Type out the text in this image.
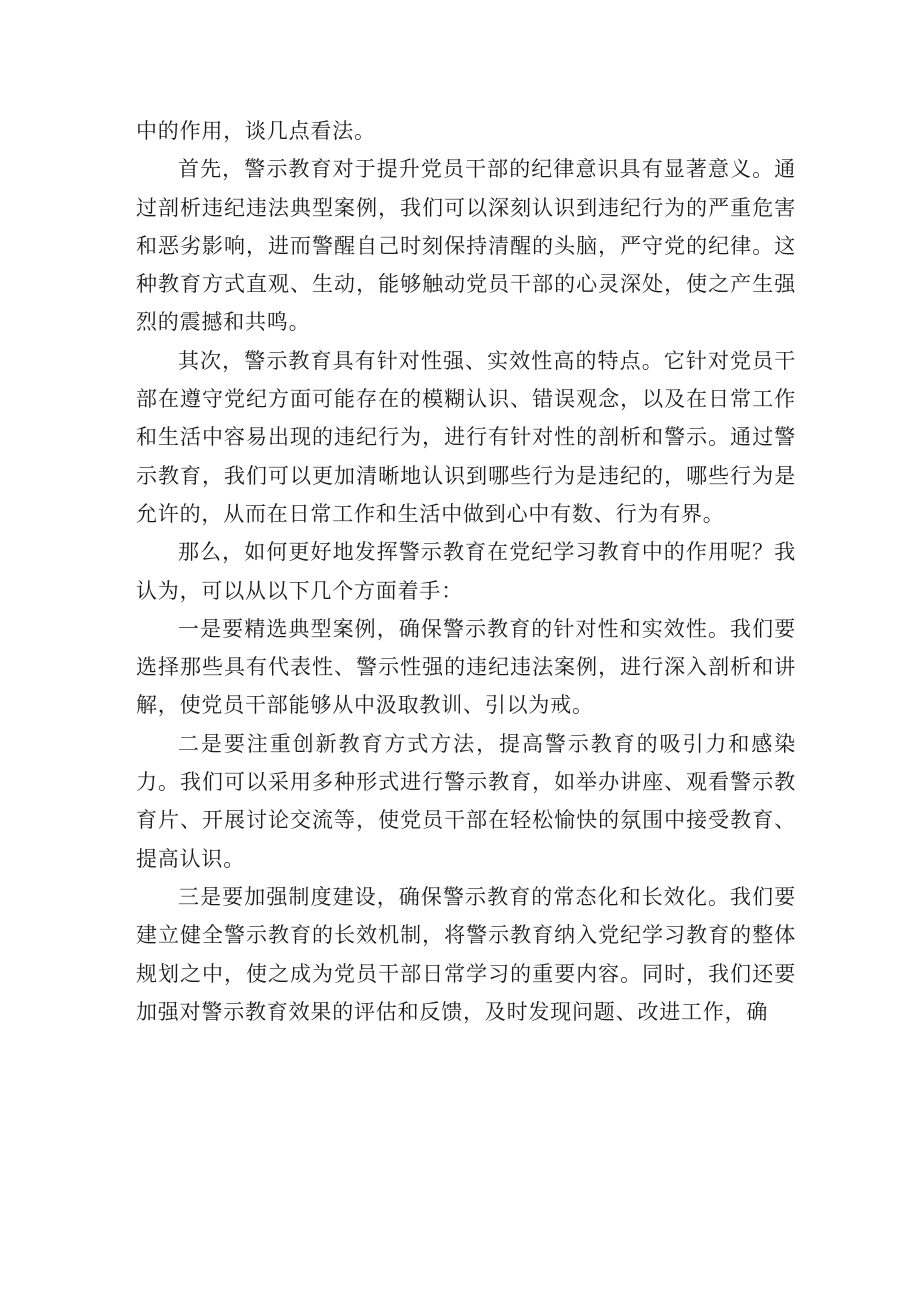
中的作用，谈几点看法。

首先，警示教育对于提升党员干部的纪律意识具有显著意义。通过剖析违纪违法典型案例，我们可以深刻认识到违纪行为的严重危害和恶劣影响，进而警醒自己时刻保持清醒的头脑，严守党的纪律。这种教育方式直观、生动，能够触动党员干部的心灵深处，使之产生强烈的震撼和共鸣。

其次，警示教育具有针对性强、实效性高的特点。它针对党员干部在遵守党纪方面可能存在的模糊认识、错误观念，以及在日常工作和生活中容易出现的违纪行为，进行有针对性的剖析和警示。通过警示教育，我们可以更加清晰地认识到哪些行为是违纪的，哪些行为是允许的，从而在日常工作和生活中做到心中有数、行为有界。

那么，如何更好地发挥警示教育在党纪学习教育中的作用呢？我认为，可以从以下几个方面着手：

一是要精选典型案例，确保警示教育的针对性和实效性。我们要选择那些具有代表性、警示性强的违纪违法案例，进行深入剖析和讲解，使党员干部能够从中汲取教训、引以为戒。

二是要注重创新教育方式方法，提高警示教育的吸引力和感染力。我们可以采用多种形式进行警示教育，如举办讲座、观看警示教育片、开展讨论交流等，使党员干部在轻松愉快的氛围中接受教育、提高认识。

三是要加强制度建设，确保警示教育的常态化和长效化。我们要建立健全警示教育的长效机制，将警示教育纳入党纪学习教育的整体规划之中，使之成为党员干部日常学习的重要内容。同时，我们还要加强对警示教育效果的评估和反馈，及时发现问题、改进工作，确
